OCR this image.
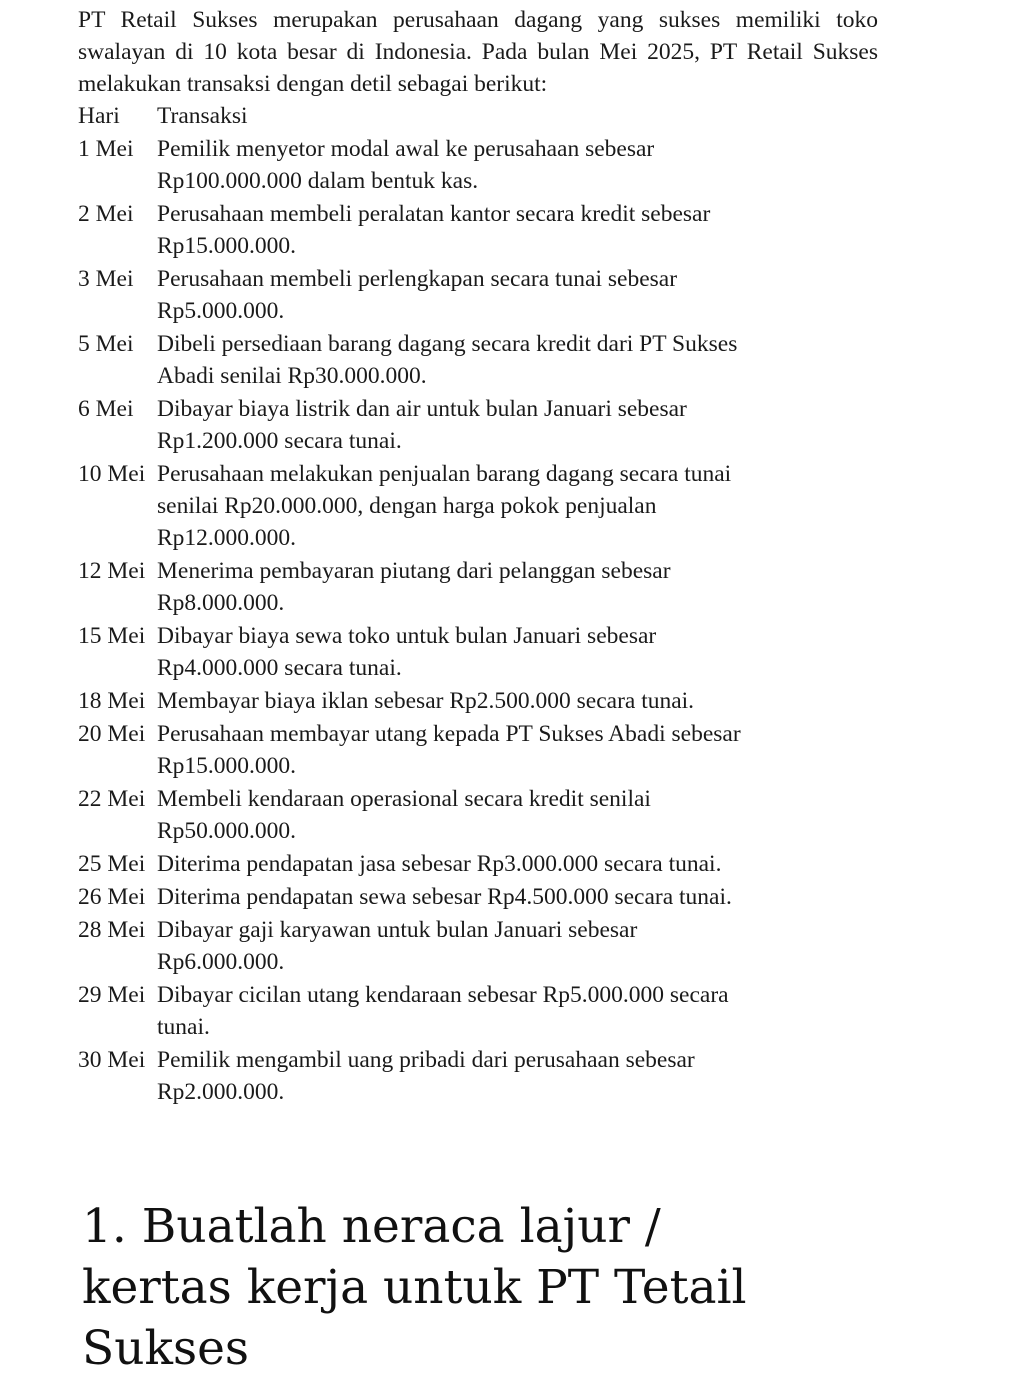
PT Retail Sukses merupakan perusahaan dagang yang sukses memiliki toko swalayan di 10 kota besar di Indonesia. Pada bulan Mei 2025, PT Retail Sukses melakukan transaksi dengan detil sebagai berikut:

Hari	Transaksi
1 Mei	Pemilik menyetor modal awal ke perusahaan sebesar Rp100.000.000 dalam bentuk kas.
2 Mei	Perusahaan membeli peralatan kantor secara kredit sebesar Rp15.000.000.
3 Mei	Perusahaan membeli perlengkapan secara tunai sebesar Rp5.000.000.
5 Mei	Dibeli persediaan barang dagang secara kredit dari PT Sukses Abadi senilai Rp30.000.000.
6 Mei	Dibayar biaya listrik dan air untuk bulan Januari sebesar Rp1.200.000 secara tunai.
10 Mei Perusahaan melakukan penjualan barang dagang secara tunai senilai Rp20.000.000, dengan harga pokok penjualan Rp12.000.000.
12 Mei Menerima pembayaran piutang dari pelanggan sebesar Rp8.000.000.
15 Mei Dibayar biaya sewa toko untuk bulan Januari sebesar Rp4.000.000 secara tunai.
18 Mei Membayar biaya iklan sebesar Rp2.500.000 secara tunai.
20 Mei Perusahaan membayar utang kepada PT Sukses Abadi sebesar Rp15.000.000.
22 Mei Membeli kendaraan operasional secara kredit senilai Rp50.000.000.
25 Mei Diterima pendapatan jasa sebesar Rp3.000.000 secara tunai.
26 Mei Diterima pendapatan sewa sebesar Rp4.500.000 secara tunai.
28 Mei Dibayar gaji karyawan untuk bulan Januari sebesar Rp6.000.000.
29 Mei Dibayar cicilan utang kendaraan sebesar Rp5.000.000 secara tunai.
30 Mei Pemilik mengambil uang pribadi dari perusahaan sebesar Rp2.000.000.
1. Buatlah neraca lajur / kertas kerja untuk PT Tetail Sukses
